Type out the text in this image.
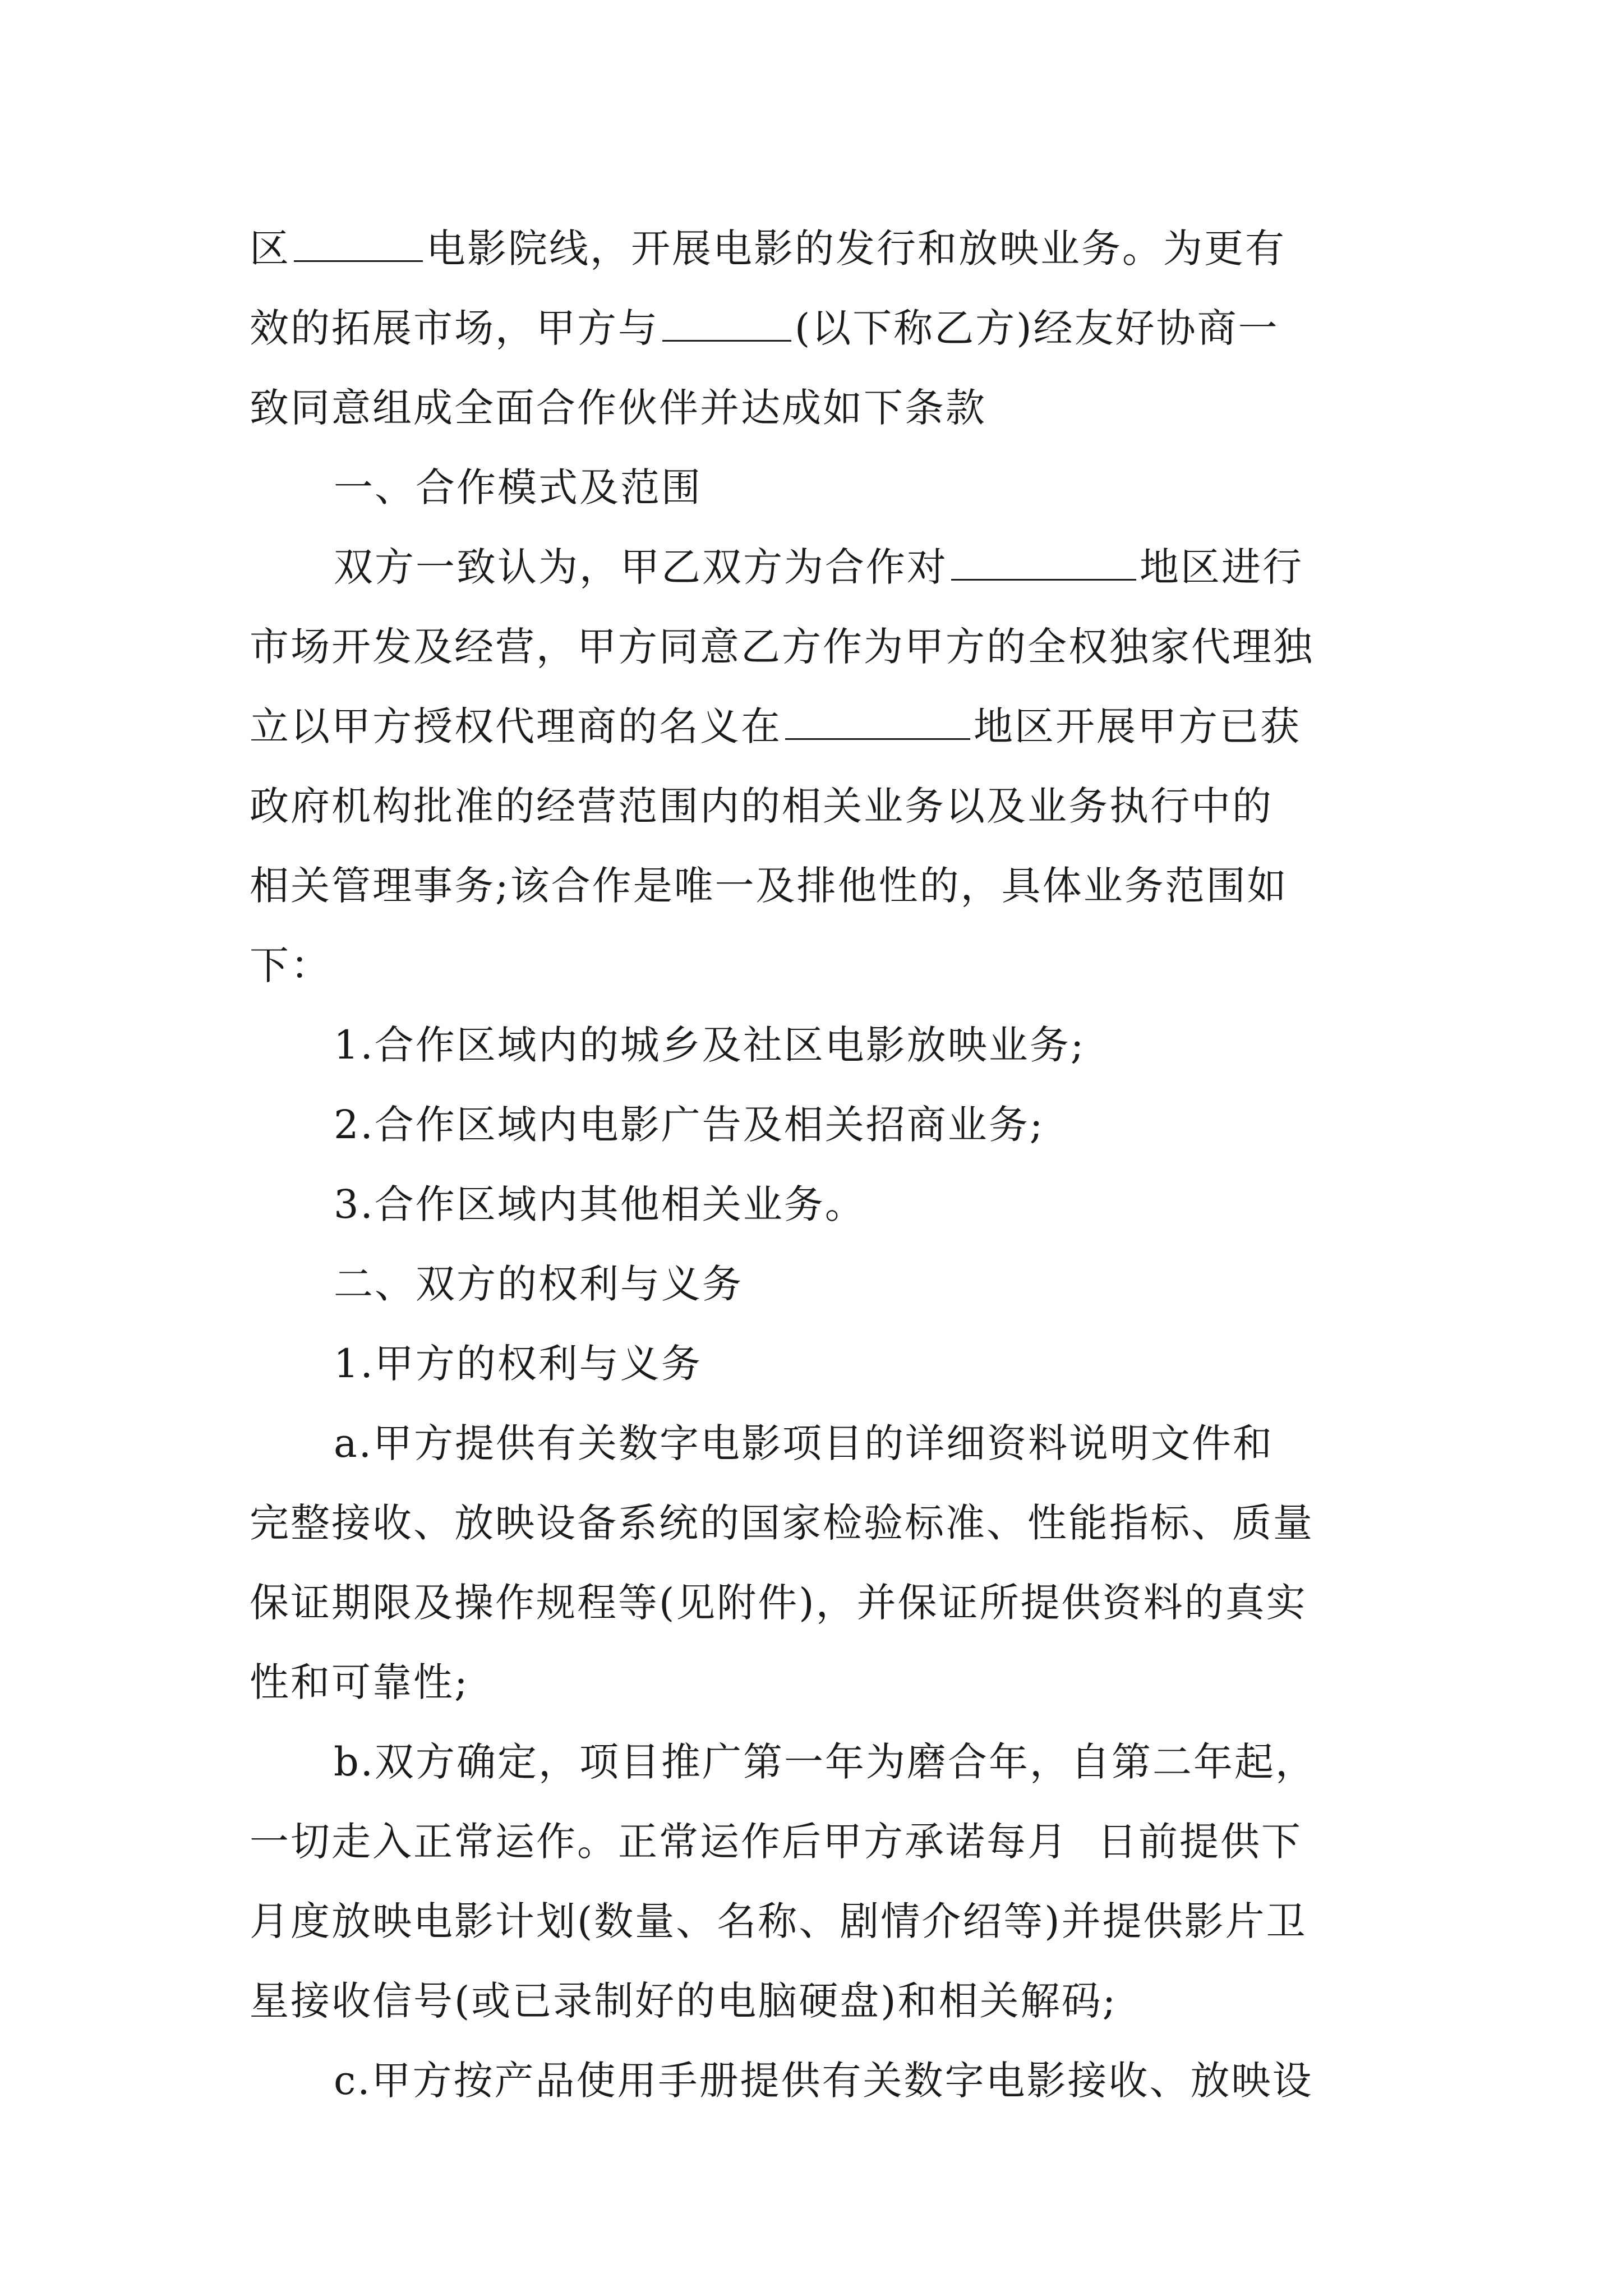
区	电影院线，开展电影的发行和放映业务。为更有
效的拓展市场，甲方与	(以下称乙方)经友好协商一
致同意组成全面合作伙伴并达成如下条款
一、合作模式及范围
双方一致认为，甲乙双方为合作对	地区进行
市场开发及经营，甲方同意乙方作为甲方的全权独家代理独
立以甲方授权代理商的名义在	地区开展甲方已获
政府机构批准的经营范围内的相关业务以及业务执行中的
相关管理事务;该合作是唯一及排他性的，具体业务范围如
下：
1.合作区域内的城乡及社区电影放映业务;
2.合作区域内电影广告及相关招商业务;
3.合作区域内其他相关业务。
二、双方的权利与义务
1.甲方的权利与义务
a.甲方提供有关数字电影项目的详细资料说明文件和
完整接收、放映设备系统的国家检验标准、性能指标、质量
保证期限及操作规程等(见附件)，并保证所提供资料的真实
性和可靠性;
b.双方确定，项目推广第一年为磨合年，自第二年起，
一切走入正常运作。正常运作后甲方承诺每月 日前提供下
月度放映电影计划(数量、名称、剧情介绍等)并提供影片卫
星接收信号(或已录制好的电脑硬盘)和相关解码;
c.甲方按产品使用手册提供有关数字电影接收、放映设
